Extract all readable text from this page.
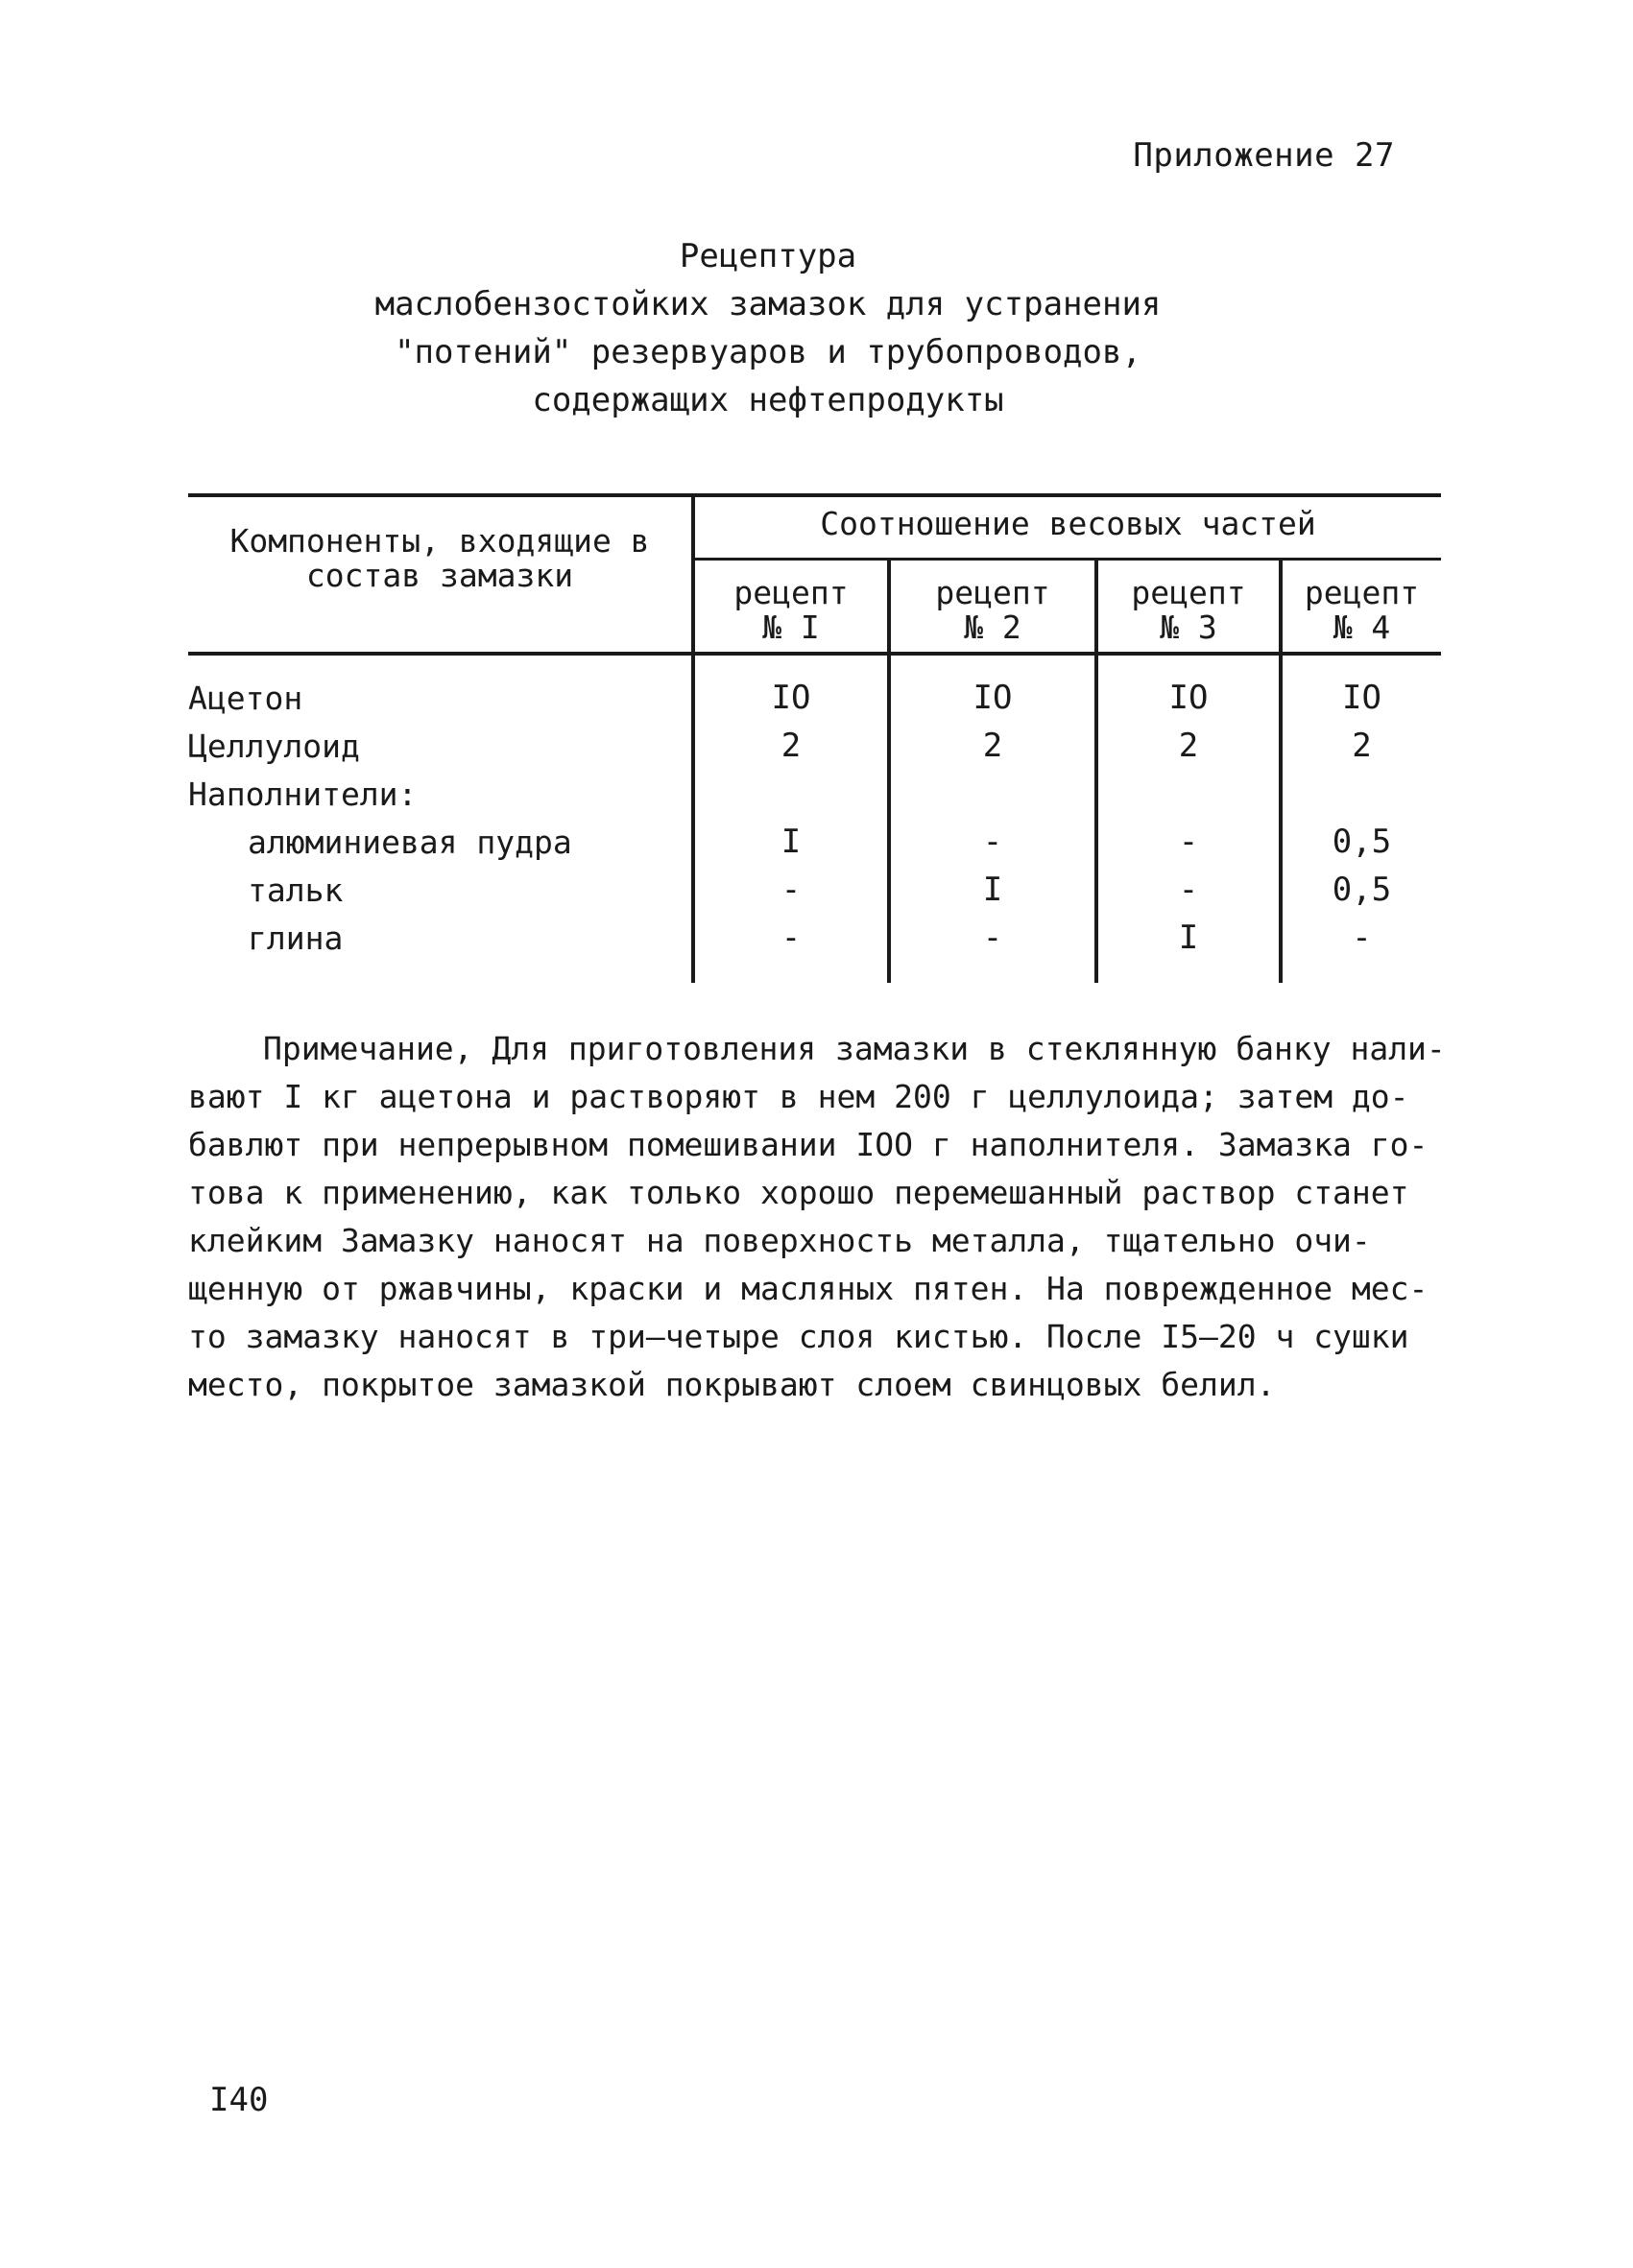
Приложение 27
Рецептура
маслобензостойких замазок для устранения
"потений" резервуаров и трубопроводов,
содержащих нефтепродукты
Компоненты, входящие в
состав замазки
Соотношение весовых частей
рецепт
№ I
рецепт
№ 2
рецепт
№ 3
рецепт
№ 4
Ацетон	IO	IO	IO	IO
Целлулоид	2	2	2	2
Наполнители:
алюминиевая пудра	I	-	-	0,5
тальк	-	I	-	0,5
глина	-	-	I	-
Примечание, Для приготовления замазки в стеклянную банку нали-
вают I кг ацетона и растворяют в нем 200 г целлулоида; затем до-
бавлют при непрерывном помешивании IOO г наполнителя. Замазка го-
това к применению, как только хорошо перемешанный раствор станет
клейким Замазку наносят на поверхность металла, тщательно очи-
щенную от ржавчины, краски и масляных пятен. На поврежденное мес-
то замазку наносят в три–четыре слоя кистью. После I5–20 ч сушки
место, покрытое замазкой покрывают слоем свинцовых белил.
I40
